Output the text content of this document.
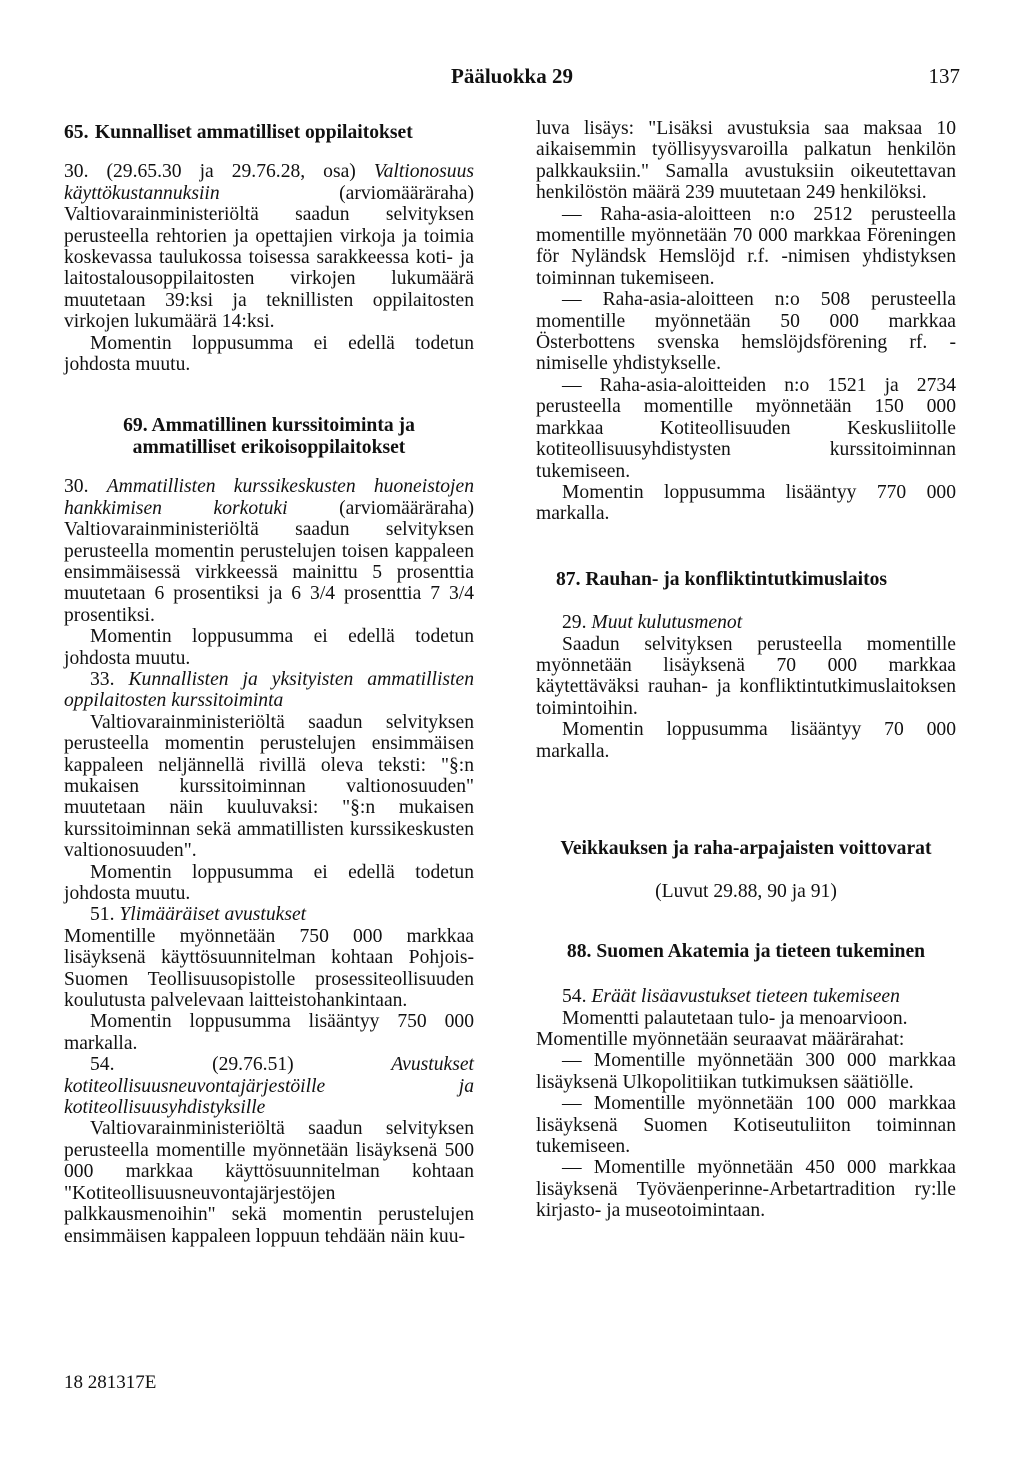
Pääluokka 29	137

65. Kunnalliset ammatilliset oppilaitokset

30. (29.65.30 ja 29.76.28, osa) Valtionosuus käyttökustannuksiin	(arviomääräraha) Valtiovarainministeriöltä saadun selvityksen perusteella rehtorien ja opettajien virkoja ja toimia koskevassa taulukossa toisessa sarakkeessa koti- ja laitostalousoppilaitosten virkojen lukumäärä muutetaan 39:ksi ja teknillisten oppilaitosten virkojen lukumäärä 14:ksi.

Momentin loppusumma ei edellä todetun johdosta muutu.

69. Ammatillinen kurssitoiminta ja
ammatilliset erikoisoppilaitokset

30. Ammatillisten kurssikeskusten huoneistojen hankkimisen korkotuki	(arviomääräraha) Valtiovarainministeriöltä saadun selvityksen perusteella momentin perustelujen toisen kappaleen ensimmäisessä virkkeessä mainittu 5 prosenttia muutetaan 6 prosentiksi ja 6 3/4 prosenttia 7 3/4 prosentiksi.

Momentin loppusumma ei edellä todetun johdosta muutu.

33. Kunnallisten ja yksityisten ammatillisten oppilaitosten kurssitoiminta

Valtiovarainministeriöltä saadun selvityksen perusteella momentin perustelujen ensimmäisen kappaleen neljännellä rivillä oleva teksti: "§:n mukaisen kurssitoiminnan valtionosuuden" muutetaan näin kuuluvaksi: "§:n mukaisen kurssitoiminnan sekä ammatillisten kurssikeskusten valtionosuuden".

Momentin loppusumma ei edellä todetun johdosta muutu.

51. Ylimääräiset avustukset

Momentille myönnetään 750 000 markkaa lisäyksenä käyttösuunnitelman kohtaan Pohjois-Suomen Teollisuusopistolle prosessiteollisuuden koulutusta palvelevaan laitteistohankintaan.

Momentin loppusumma lisääntyy 750 000 markalla.

54. (29.76.51)	Avustukset kotiteollisuusneuvontajärjestöille ja kotiteollisuusyhdistyksille

Valtiovarainministeriöltä saadun selvityksen perusteella momentille myönnetään lisäyksenä 500 000 markkaa käyttösuunnitelman kohtaan "Kotiteollisuusneuvontajärjestöjen palkkausmenoihin" sekä momentin perustelujen ensimmäisen kappaleen loppuun tehdään näin kuu-

luva lisäys: "Lisäksi avustuksia saa maksaa 10 aikaisemmin työllisyysvaroilla palkatun henkilön palkkauksiin." Samalla avustuksiin oikeutettavan henkilöstön määrä 239 muutetaan 249 henkilöksi.

— Raha-asia-aloitteen n:o 2512 perusteella momentille myönnetään 70 000 markkaa Föreningen för Nyländsk Hemslöjd r.f. -nimisen yhdistyksen toiminnan tukemiseen.

— Raha-asia-aloitteen n:o 508 perusteella momentille myönnetään 50 000 markkaa Österbottens svenska hemslöjdsförening rf. -nimiselle yhdistykselle.

— Raha-asia-aloitteiden n:o 1521 ja 2734 perusteella momentille myönnetään 150 000 markkaa Kotiteollisuuden Keskusliitolle kotiteollisuusyhdistysten kurssitoiminnan tukemiseen.

Momentin loppusumma lisääntyy 770 000 markalla.

87. Rauhan- ja konfliktintutkimuslaitos

29. Muut kulutusmenot

Saadun selvityksen perusteella momentille myönnetään lisäyksenä 70 000 markkaa käytettäväksi rauhan- ja konfliktintutkimuslaitoksen toimintoihin.

Momentin loppusumma lisääntyy 70 000 markalla.

Veikkauksen ja raha-arpajaisten voittovarat

(Luvut 29.88, 90 ja 91)

88. Suomen Akatemia ja tieteen tukeminen

54. Eräät lisäavustukset tieteen tukemiseen

Momentti palautetaan tulo- ja menoarvioon.

Momentille myönnetään seuraavat määrärahat:

— Momentille myönnetään 300 000 markkaa lisäyksenä Ulkopolitiikan tutkimuksen säätiölle.

— Momentille myönnetään 100 000 markkaa lisäyksenä Suomen Kotiseutuliiton toiminnan tukemiseen.

— Momentille myönnetään 450 000 markkaa lisäyksenä Työväenperinne-Arbetartradition ry:lle kirjasto- ja museotoimintaan.

18 281317E
